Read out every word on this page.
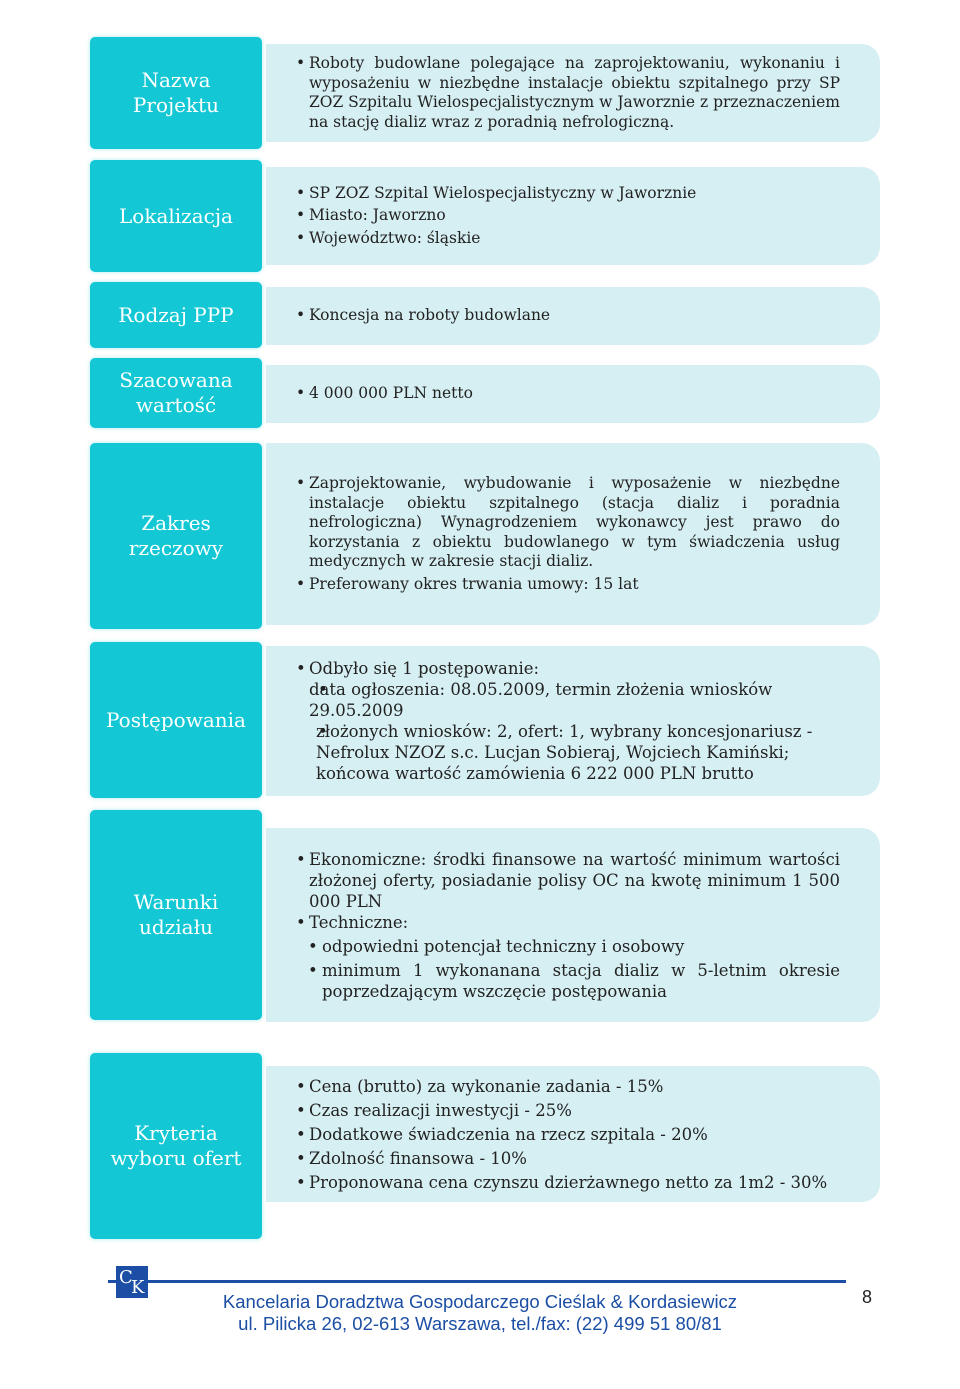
Nazwa Projektu
• Roboty budowlane polegające na zaprojektowaniu, wykonaniu i wyposażeniu w niezbędne instalacje obiektu szpitalnego przy SP ZOZ Szpitalu Wielospecjalistycznym w Jaworznie z przeznaczeniem na stację dializ wraz z poradnią nefrologiczną.
Lokalizacja
• SP ZOZ Szpital Wielospecjalistyczny w Jaworznie
• Miasto: Jaworzno
• Województwo: śląskie
Rodzaj PPP	• Koncesja na roboty budowlane
Szacowana wartość	• 4 000 000 PLN netto
Zakres rzeczowy
• Zaprojektowanie, wybudowanie i wyposażenie w niezbędne instalacje obiektu szpitalnego (stacja dializ i poradnia nefrologiczna) Wynagrodzeniem wykonawcy jest prawo do korzystania z obiektu budowlanego w tym świadczenia usług medycznych w zakresie stacji dializ.
• Preferowany okres trwania umowy: 15 lat
Postępowania
• Odbyło się 1 postępowanie:
• data ogłoszenia: 08.05.2009, termin złożenia wniosków 29.05.2009
• złożonych wniosków: 2, ofert: 1, wybrany koncesjonariusz - Nefrolux NZOZ s.c. Lucjan Sobieraj, Wojciech Kamiński; końcowa wartość zamówienia 6 222 000 PLN brutto
Warunki udziału
• Ekonomiczne: środki finansowe na wartość minimum wartości złożonej oferty, posiadanie polisy OC na kwotę minimum 1 500 000 PLN
• Techniczne:
• odpowiedni potencjał techniczny i osobowy
• minimum 1 wykonanana stacja dializ w 5-letnim okresie poprzedzającym wszczęcie postępowania
Kryteria wyboru ofert
• Cena (brutto) za wykonanie zadania - 15%
• Czas realizacji inwestycji - 25%
• Dodatkowe świadczenia na rzecz szpitala - 20%
• Zdolność finansowa - 10%
• Proponowana cena czynszu dzierżawnego netto za 1m2 - 30%
C
K
Kancelaria Doradztwa Gospodarczego Cieślak & Kordasiewicz
ul. Pilicka 26, 02-613 Warszawa, tel./fax: (22) 499 51 80/81
8
